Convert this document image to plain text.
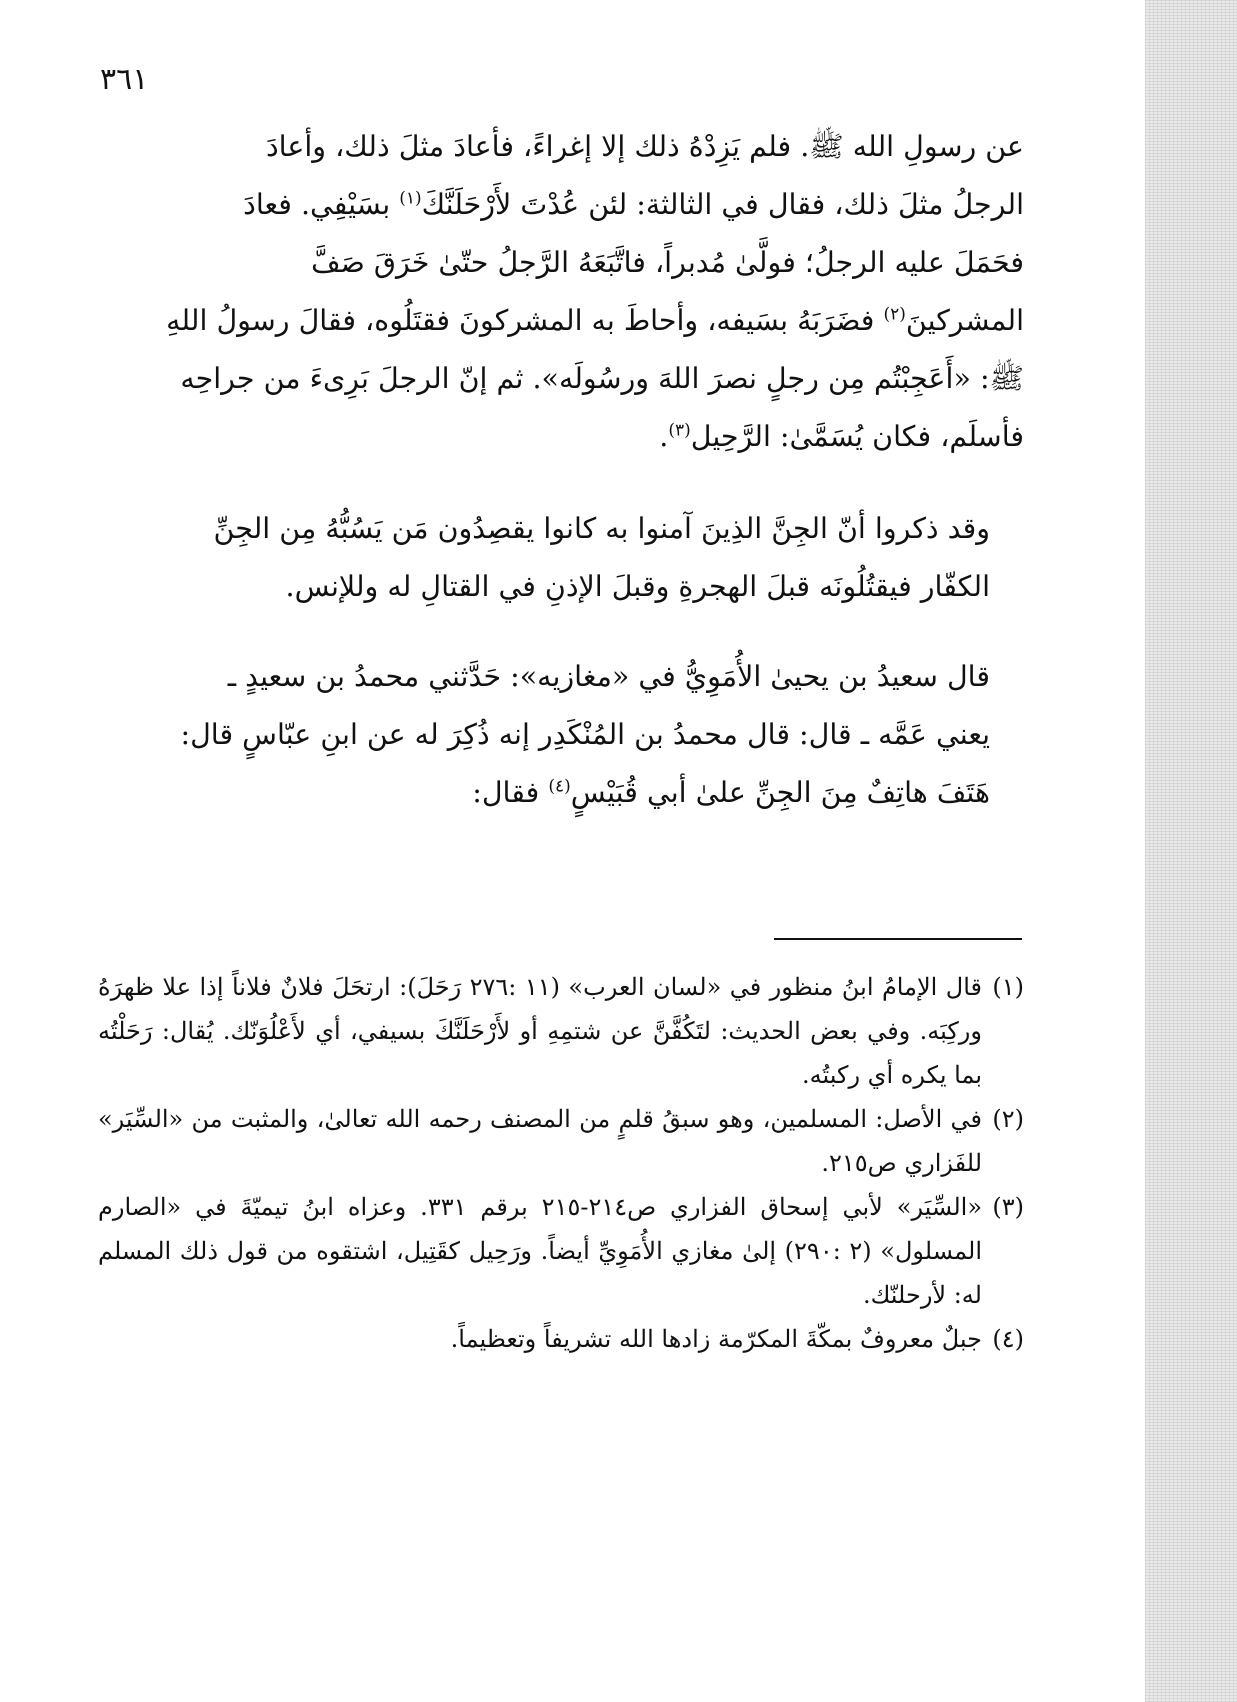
٣٦١

عن رسولِ الله ﷺ. فلم يَزِدْهُ ذلك إلا إغراءً، فأعادَ مثلَ ذلك، وأعادَ
الرجلُ مثلَ ذلك، فقال في الثالثة: لئن عُدْتَ لأَرْحَلَنَّكَ$^{(١)}$ بسَيْفِي. فعادَ
فحَمَلَ عليه الرجلُ؛ فولَّىٰ مُدبراً، فاتَّبَعَهُ الرَّجلُ حتّىٰ خَرَقَ صَفَّ
المشركينَ$^{(٢)}$ فضَرَبَهُ بسَيفه، وأحاطَ به المشركونَ فقتَلُوه، فقالَ رسولُ اللهِ
ﷺ: «أَعَجِبْتُم مِن رجلٍ نصرَ اللهَ ورسُولَه». ثم إنّ الرجلَ بَرِىءَ من جراحِه
فأسلَم، فكان يُسَمَّىٰ: الرَّحِيل$^{(٣)}$.

وقد ذكروا أنّ الجِنَّ الذِينَ آمنوا به كانوا يقصِدُون مَن يَسُبُّهُ مِن الجِنِّ
الكفّار فيقتُلُونَه قبلَ الهجرةِ وقبلَ الإذنِ في القتالِ له وللإنس.

قال سعيدُ بن يحيىٰ الأُمَوِيُّ في «مغازيه»: حَدَّثني محمدُ بن سعيدٍ ـ
يعني عَمَّه ـ قال: قال محمدُ بن المُنْكَدِر إنه ذُكِرَ له عن ابنِ عبّاسٍ قال:
هَتَفَ هاتِفٌ مِنَ الجِنِّ علىٰ أبي قُبَيْسٍ$^{(٤)}$ فقال:

(١)
قال الإمامُ ابنُ منظور في «لسان العرب» (١١ :٢٧٦ رَحَلَ): ارتحَلَ فلانٌ فلاناً إذا علا ظهرَهُ وركِبَه. وفي بعض الحديث: لتَكُفَّنَّ عن شتمِهِ أو لأَرْحَلَنَّكَ بسيفي، أي لأَعْلُوَنّك. يُقال: رَحَلْتُه بما يكره أي ركبتُه.
(٢)
في الأصل: المسلمين، وهو سبقُ قلمٍ من المصنف رحمه الله تعالىٰ، والمثبت من «السِّيَر» للفَزاري ص٢١٥.
(٣)
«السِّيَر» لأبي إسحاق الفزاري ص٢١٤-٢١٥ برقم ٣٣١. وعزاه ابنُ تيميّةَ في «الصارم المسلول» (٢ :٢٩٠) إلىٰ مغازي الأُمَوِيِّ أيضاً. ورَحِيل كقَتِيل، اشتقوه من قول ذلك المسلم له: لأرحلنّك.
(٤)
جبلٌ معروفٌ بمكّةَ المكرّمة زادها الله تشريفاً وتعظيماً.
